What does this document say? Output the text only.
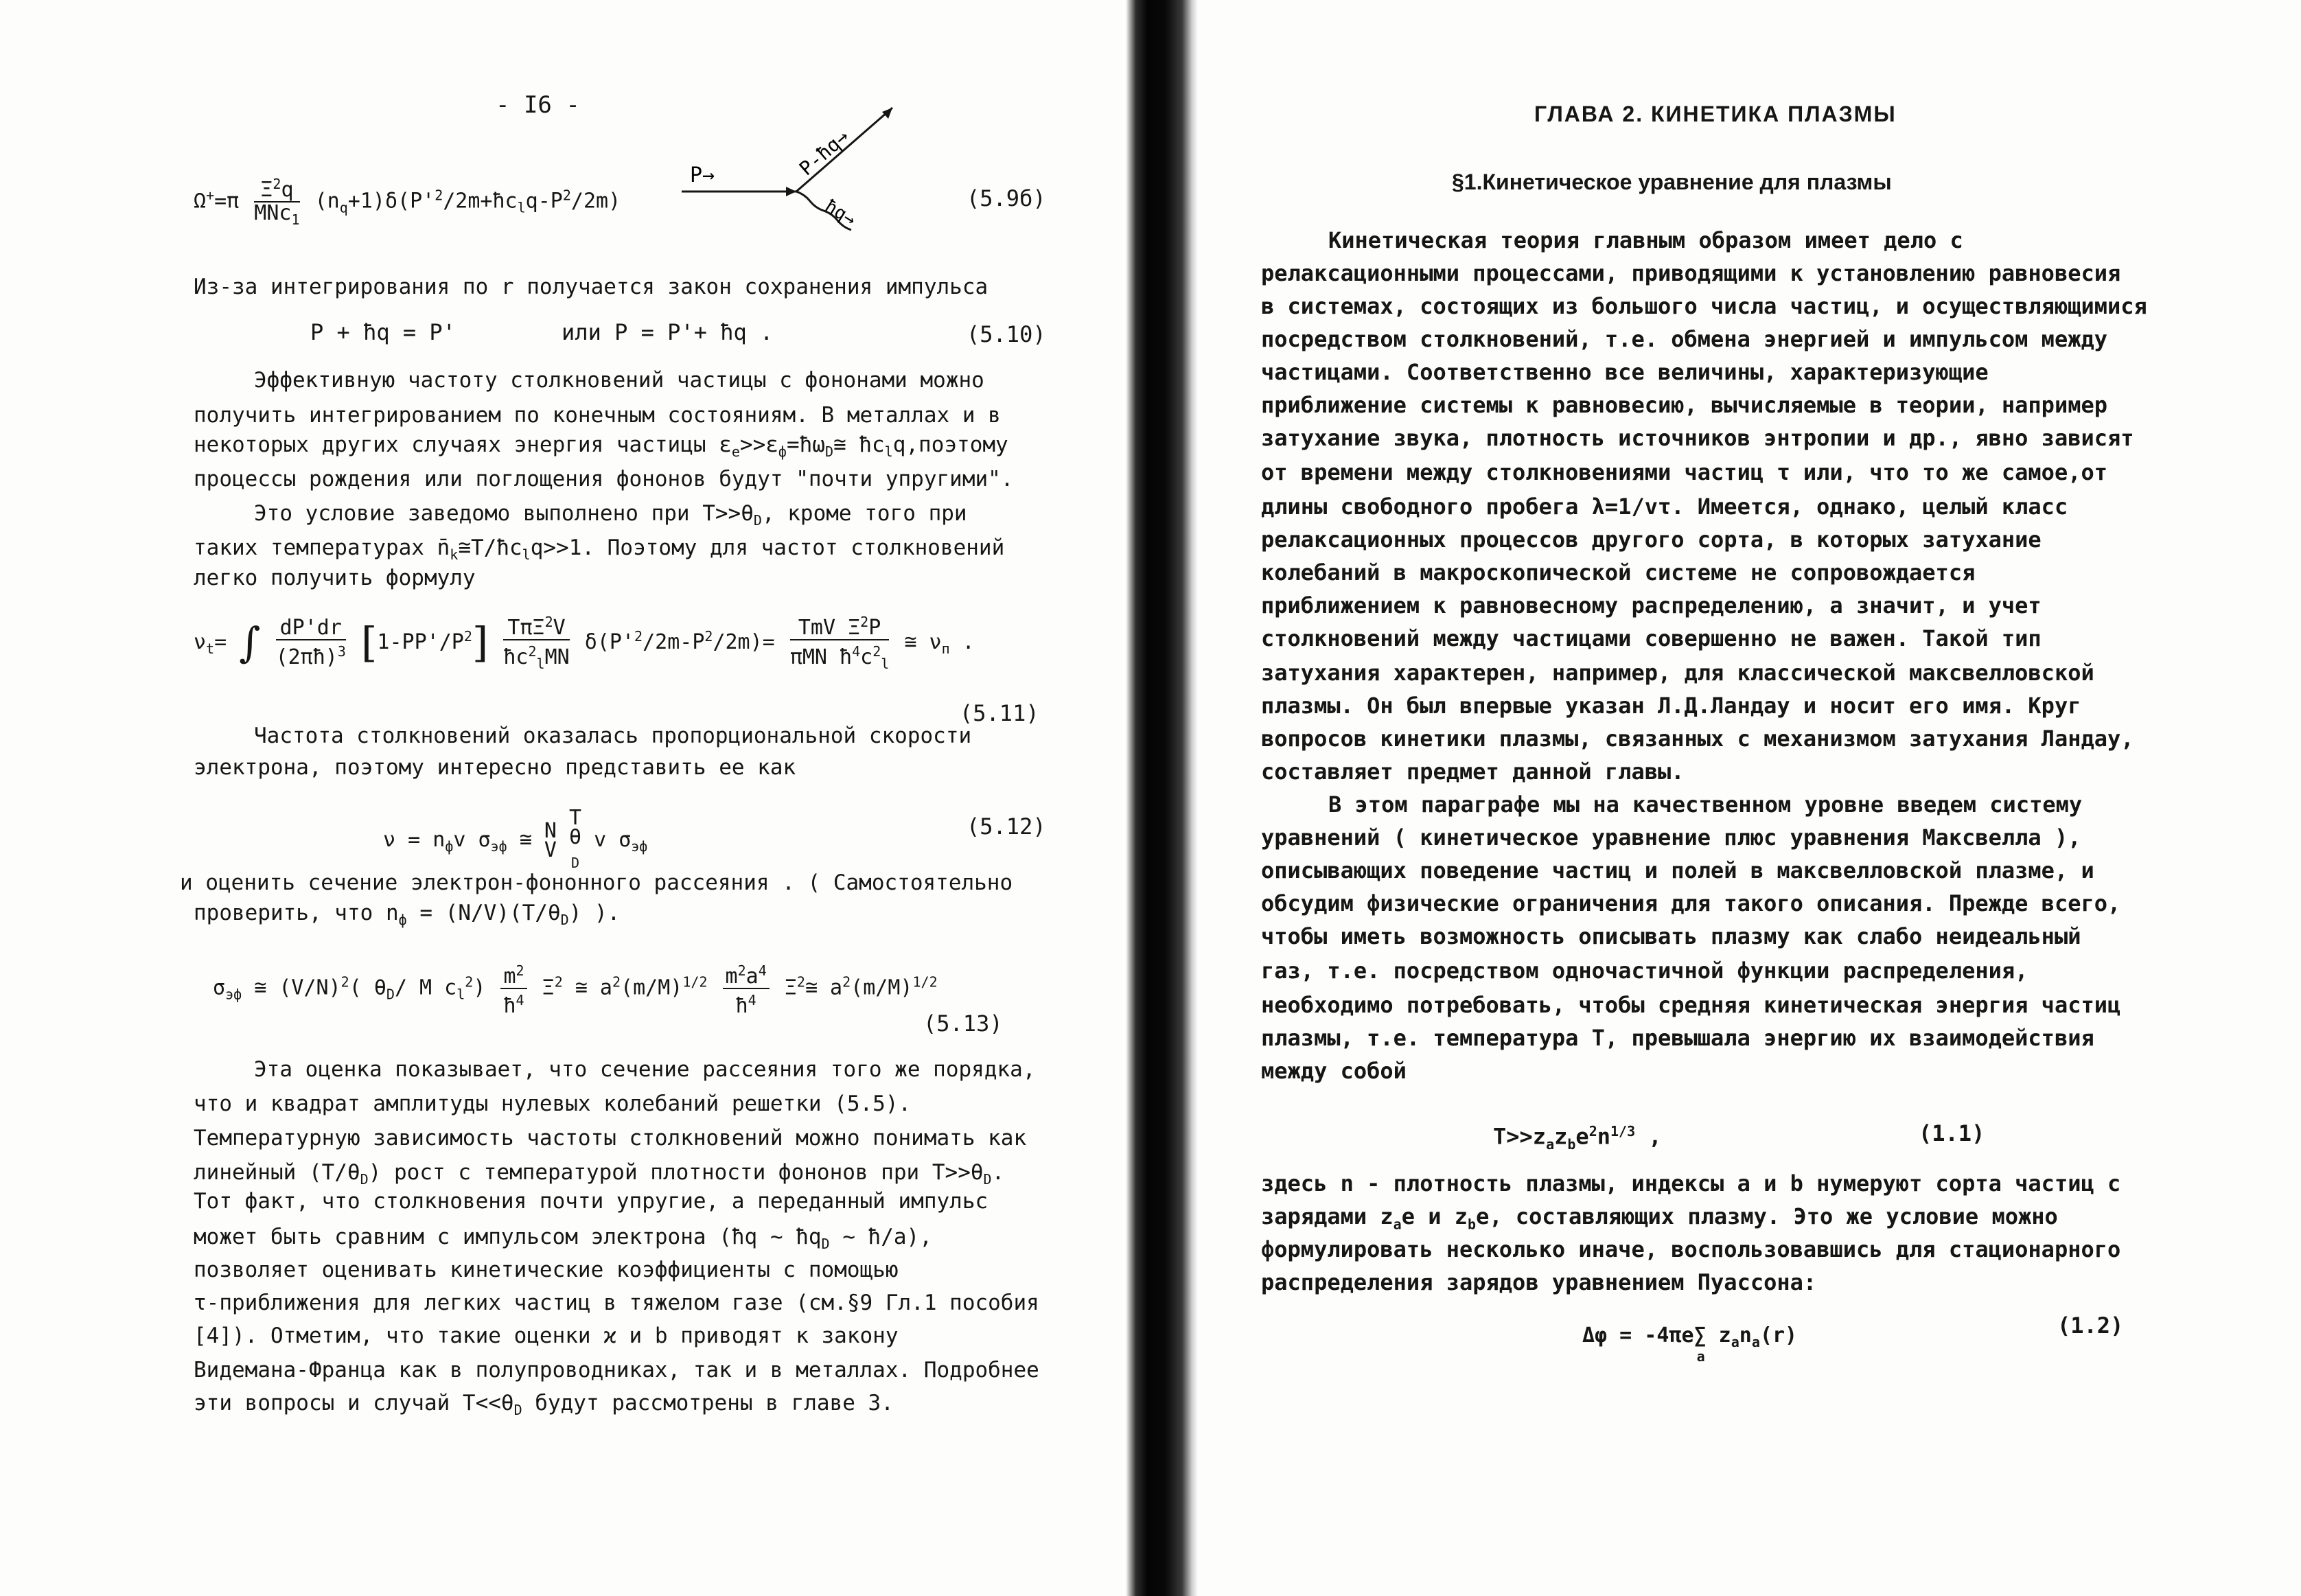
- I6 -
$\Omega^+=\pi \frac{\Xi^2q}{MNc_1}$ $(n_q+1)\delta(P'^2/2m+ħc_lq-P^2/2m)$
P→	P-ħq→
ħq→	(5.9б)
Из-за интегрирования по r получается закон сохранения импульса
P + ħq = P'        или P = P'+ ħq .	(5.10)
Эффективную частоту столкновений частицы с фононами можно
получить интегрированием по конечным состояниям. В металлах и в
некоторых других случаях энергия частицы $\varepsilon_e>>\varepsilon_ф=ħ\omega_D≅$ $ħc_lq,поэтому$
процессы рождения или поглощения фононов будут "почти упругими".
Это условие заведомо выполнено при $T>>\theta_D$, кроме того при
таких температурах $n̄_k≅T/ħc_lq>>1$. Поэтому для частот столкновений
легко получить формулу
$\nu_t=$ ∫ $\frac{dP'dr}{(2\pi ħ)^3} [1-PP'/P^2] \frac{T\pi\Xi^2V}{ħc^2_lMN} \delta(P'^2/2m-P^2/2m)= \frac{TmV \Xi^2P}{\pi MN ħ^4c^2_l}$ ≅ $\nu_п$ .
(5.11)
Частота столкновений оказалась пропорциональной скорости
электрона, поэтому интересно представить ее как
$\nu = n_фv$ $\sigma_{эф}$ ≅ N
V

T
θ
$_D$
v $\sigma_{эф}$
(5.12)
и оценить сечение электрон-фононного рассеяния . ( Самостоятельно
проверить, что $n_ф = (N/V)(T/\theta_D)$ ).
$\sigma_{эф}$ ≅ $(V/N)^2$( $\theta_D/$ M $c_l^2) \frac{m^2}{ħ^4} \Xi^2$ ≅ $a^2(m/M)^{1/2} \frac{m^2a^4}{ħ^4}$ $\Xi^2≅$ $a^2(m/M)^{1/2}$
(5.13)
Эта оценка показывает, что сечение рассеяния того же порядка,
что и квадрат амплитуды нулевых колебаний решетки (5.5).
Температурную зависимость частоты столкновений можно понимать как
линейный $(T/\theta_D)$ рост с температурой плотности фононов при $T>>\theta_D$.
Тот факт, что столкновения почти упругие, а переданный импульс
может быть сравним с импульсом электрона (ħq ∼ $ħq_D$ ∼ ħ/a),
позволяет оценивать кинетические коэффициенты с помощью
τ-приближения для легких частиц в тяжелом газе (см.§9 Гл.1 пособия
[4]). Отметим, что такие оценки ϰ и b приводят к закону
Видемана-Франца как в полупроводниках, так и в металлах. Подробнее
эти вопросы и случай $T<<\theta_D$ будут рассмотрены в главе 3.
ГЛАВА 2. КИНЕТИКА ПЛАЗМЫ
§1.Кинетическое уравнение для плазмы
Кинетическая теория главным образом имеет дело с
релаксационными процессами, приводящими к установлению равновесия
в системах, состоящих из большого числа частиц, и осуществляющимися
посредством столкновений, т.е. обмена энергией и импульсом между
частицами. Соответственно все величины, характеризующие
приближение системы к равновесию, вычисляемые в теории, например
затухание звука, плотность источников энтропии и др., явно зависят
от времени между столкновениями частиц τ или, что то же самое,от
длины свободного пробега λ=1/vτ. Имеется, однако, целый класс
релаксационных процессов другого сорта, в которых затухание
колебаний в макроскопической системе не сопровождается
приближением к равновесному распределению, а значит, и учет
столкновений между частицами совершенно не важен. Такой тип
затухания характерен, например, для классической максвелловской
плазмы. Он был впервые указан Л.Д.Ландау и носит его имя. Круг
вопросов кинетики плазмы, связанных с механизмом затухания Ландау,
составляет предмет данной главы.
В этом параграфе мы на качественном уровне введем систему
уравнений ( кинетическое уравнение плюс уравнения Максвелла ),
описывающих поведение частиц и полей в максвелловской плазме, и
обсудим физические ограничения для такого описания. Прежде всего,
чтобы иметь возможность описывать плазму как слабо неидеальный
газ, т.е. посредством одночастичной функции распределения,
необходимо потребовать, чтобы средняя кинетическая энергия частиц
плазмы, т.е. температура T, превышала энергию их взаимодействия
между собой
$T>>z_az_be^2n^{1/3}$ ,	(1.1)
здесь n - плотность плазмы, индексы a и b нумеруют сорта частиц с
зарядами $z_ae$ и $z_be$, составляющих плазму. Это же условие можно
формулировать несколько иначе, воспользовавшись для стационарного
распределения зарядов уравнением Пуассона:
Δφ = -4πe∑
a
$z_an_a(r)$	(1.2)
